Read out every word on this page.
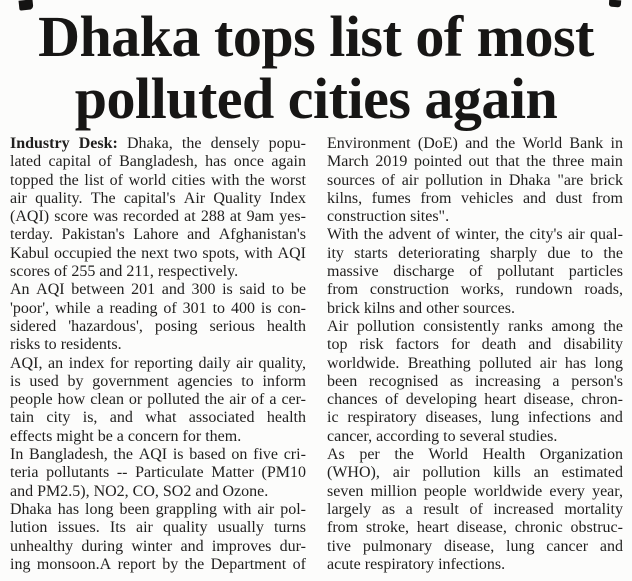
Dhaka tops list of most
polluted cities again
Industry Desk: Dhaka, the densely popu-
lated capital of Bangladesh, has once again
topped the list of world cities with the worst
air quality. The capital's Air Quality Index
(AQI) score was recorded at 288 at 9am yes-
terday. Pakistan's Lahore and Afghanistan's
Kabul occupied the next two spots, with AQI
scores of 255 and 211, respectively.
An AQI between 201 and 300 is said to be
'poor', while a reading of 301 to 400 is con-
sidered 'hazardous', posing serious health
risks to residents.
AQI, an index for reporting daily air quality,
is used by government agencies to inform
people how clean or polluted the air of a cer-
tain city is, and what associated health
effects might be a concern for them.
In Bangladesh, the AQI is based on five cri-
teria pollutants -- Particulate Matter (PM10
and PM2.5), NO2, CO, SO2 and Ozone.
Dhaka has long been grappling with air pol-
lution issues. Its air quality usually turns
unhealthy during winter and improves dur-
ing monsoon.A report by the Department of
Environment (DoE) and the World Bank in
March 2019 pointed out that the three main
sources of air pollution in Dhaka "are brick
kilns, fumes from vehicles and dust from
construction sites".
With the advent of winter, the city's air qual-
ity starts deteriorating sharply due to the
massive discharge of pollutant particles
from construction works, rundown roads,
brick kilns and other sources.
Air pollution consistently ranks among the
top risk factors for death and disability
worldwide. Breathing polluted air has long
been recognised as increasing a person's
chances of developing heart disease, chron-
ic respiratory diseases, lung infections and
cancer, according to several studies.
As per the World Health Organization
(WHO), air pollution kills an estimated
seven million people worldwide every year,
largely as a result of increased mortality
from stroke, heart disease, chronic obstruc-
tive pulmonary disease, lung cancer and
acute respiratory infections.
